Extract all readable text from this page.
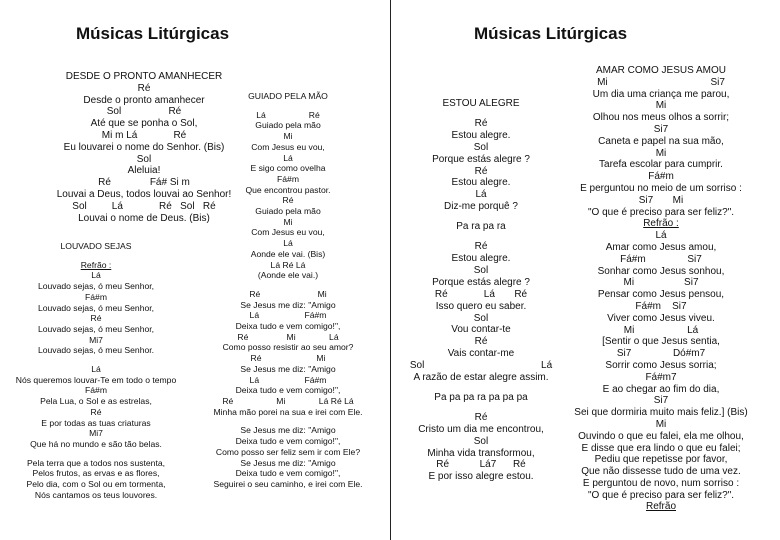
Músicas Litúrgicas	Músicas Litúrgicas
DESDE O PRONTO AMANHECER
Ré
Desde o pronto amanhecer
Sol                 Ré
Até que se ponha o Sol,
Mi m Lá             Ré
Eu louvarei o nome do Senhor. (Bis)
Sol
Aleluia!
Ré              Fá# Si m
Louvai a Deus, todos louvai ao Senhor!
Sol         Lá             Ré   Sol   Ré
Louvai o nome de Deus. (Bis)
LOUVADO SEJAS
Refrão :
Lá
Louvado sejas, ó meu Senhor,
Fá#m
Louvado sejas, ó meu Senhor,
Ré
Louvado sejas, ó meu Senhor,
Mi7
Louvado sejas, ó meu Senhor.
Lá
Nós queremos louvar-Te em todo o tempo
Fá#m
Pela Lua, o Sol e as estrelas,
Ré
E por todas as tuas criaturas
Mi7
Que há no mundo e são tão belas.
Pela terra que a todos nos sustenta,
Pelos frutos, as ervas e as flores,
Pelo dia, com o Sol ou em tormenta,
Nós cantamos os teus louvores.
GUIADO PELA MÃO
Lá                  Ré
Guiado pela mão
Mi
Com Jesus eu vou,
Lá
E sigo como ovelha
Fá#m
Que encontrou pastor.
Ré
Guiado pela mão
Mi
Com Jesus eu vou,
Lá
Aonde ele vai. (Bis)
Lá Ré Lá
(Aonde ele vai.)
Ré                        Mi
Se Jesus me diz: "Amigo
Lá                   Fá#m
Deixa tudo e vem comigo!",
Ré                Mi              Lá
Como posso resistir ao seu amor?
Ré                       Mi
Se Jesus me diz: "Amigo
Lá                   Fá#m
Deixa tudo e vem comigo!",
Ré                  Mi              Lá Ré Lá
Minha mão porei na sua e irei com Ele.
Se Jesus me diz: "Amigo
Deixa tudo e vem comigo!",
Como posso ser feliz sem ir com Ele?
Se Jesus me diz: "Amigo
Deixa tudo e vem comigo!",
Seguirei o seu caminho, e irei com Ele.
ESTOU ALEGRE
Ré
Estou alegre.
Sol
Porque estás alegre ?
Ré
Estou alegre.
Lá
Diz-me porquê ?
Pa ra pa ra
Ré
Estou alegre.
Sol
Porque estás alegre ?
Ré             Lá       Ré
Isso quero eu saber.
Sol
Vou contar-te
Ré
Vais contar-me
Sol                                          Lá
A razão de estar alegre assim.
Pa pa pa ra pa pa pa
Ré
Cristo um dia me encontrou,
Sol
Minha vida transformou,
Ré           Lá7      Ré
E por isso alegre estou.
AMAR COMO JESUS AMOU
Mi                                     Si7
Um dia uma criança me parou,
Mi
Olhou nos meus olhos a sorrir;
Si7
Caneta e papel na sua mão,
Mi
Tarefa escolar para cumprir.
Fá#m
E perguntou no meio de um sorriso :
Si7       Mi
"O que é preciso para ser feliz?".
Refrão :
Lá
Amar como Jesus amou,
Fá#m               Si7
Sonhar como Jesus sonhou,
Mi                  Si7
Pensar como Jesus pensou,
Fá#m    Si7
Viver como Jesus viveu.
Mi                   Lá
[Sentir o que Jesus sentia,
Si7               Dó#m7
Sorrir como Jesus sorria;
Fá#m7
E ao chegar ao fim do dia,
Si7
Sei que dormiria muito mais feliz.] (Bis)
Mi
Ouvindo o que eu falei, ela me olhou,
E disse que era lindo o que eu falei;
Pediu que repetisse por favor,
Que não dissesse tudo de uma vez.
E perguntou de novo, num sorriso :
"O que é preciso para ser feliz?".
Refrão
